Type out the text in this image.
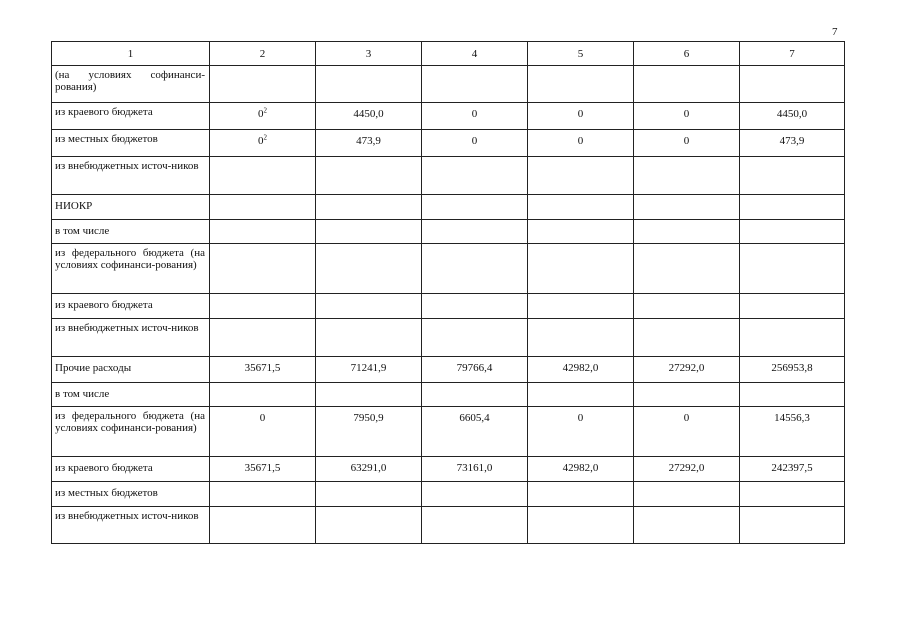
7
1	2	3	4	5	6	7

(на условиях софинанси-рования)						

из краевого бюджета	$0^2$	4450,0	0	0	0	4450,0

из местных бюджетов	$0^2$	473,9	0	0	0	473,9

из внебюджетных источ-ников						

НИОКР						

в том числе						

из федерального бюджета (на условиях софинанси-рования)						

из краевого бюджета						

из внебюджетных источ-ников						

Прочие расходы	35671,5	71241,9	79766,4	42982,0	27292,0	256953,8

в том числе						

из федерального бюджета (на условиях софинанси-рования)	0	7950,9	6605,4	0	0	14556,3

из краевого бюджета	35671,5	63291,0	73161,0	42982,0	27292,0	242397,5

из местных бюджетов						

из внебюджетных источ-ников						
